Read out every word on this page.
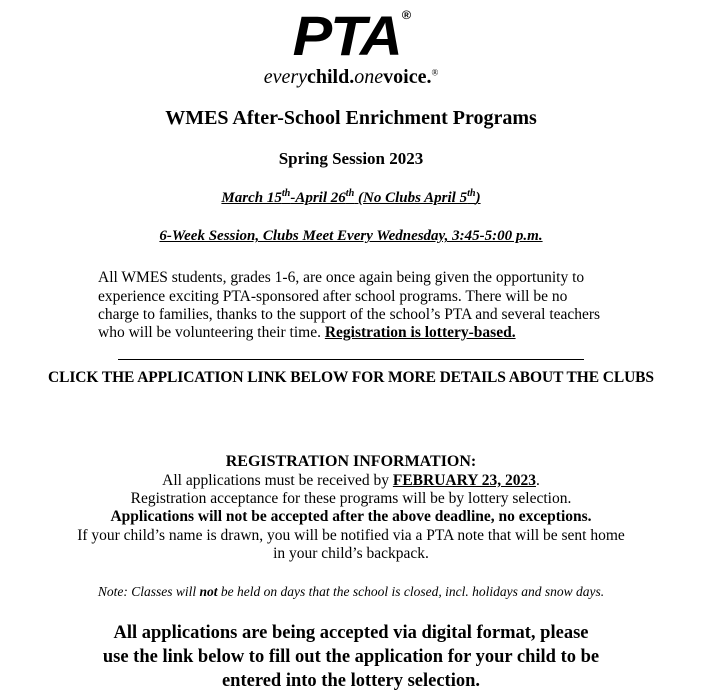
PTA®
everychild.onevoice.®
WMES After-School Enrichment Programs
Spring Session 2023
March 15th-April 26th (No Clubs April 5th)
6-Week Session, Clubs Meet Every Wednesday, 3:45-5:00 p.m.
All WMES students, grades 1-6, are once again being given the opportunity to experience exciting PTA-sponsored after school programs. There will be no charge to families, thanks to the support of the school’s PTA and several teachers who will be volunteering their time. Registration is lottery-based.
CLICK THE APPLICATION LINK BELOW FOR MORE DETAILS ABOUT THE CLUBS
REGISTRATION INFORMATION:
All applications must be received by FEBRUARY 23, 2023.
Registration acceptance for these programs will be by lottery selection.
Applications will not be accepted after the above deadline, no exceptions.
If your child’s name is drawn, you will be notified via a PTA note that will be sent home
in your child’s backpack.
Note: Classes will not be held on days that the school is closed, incl. holidays and snow days.
All applications are being accepted via digital format, please use the link below to fill out the application for your child to be entered into the lottery selection.
